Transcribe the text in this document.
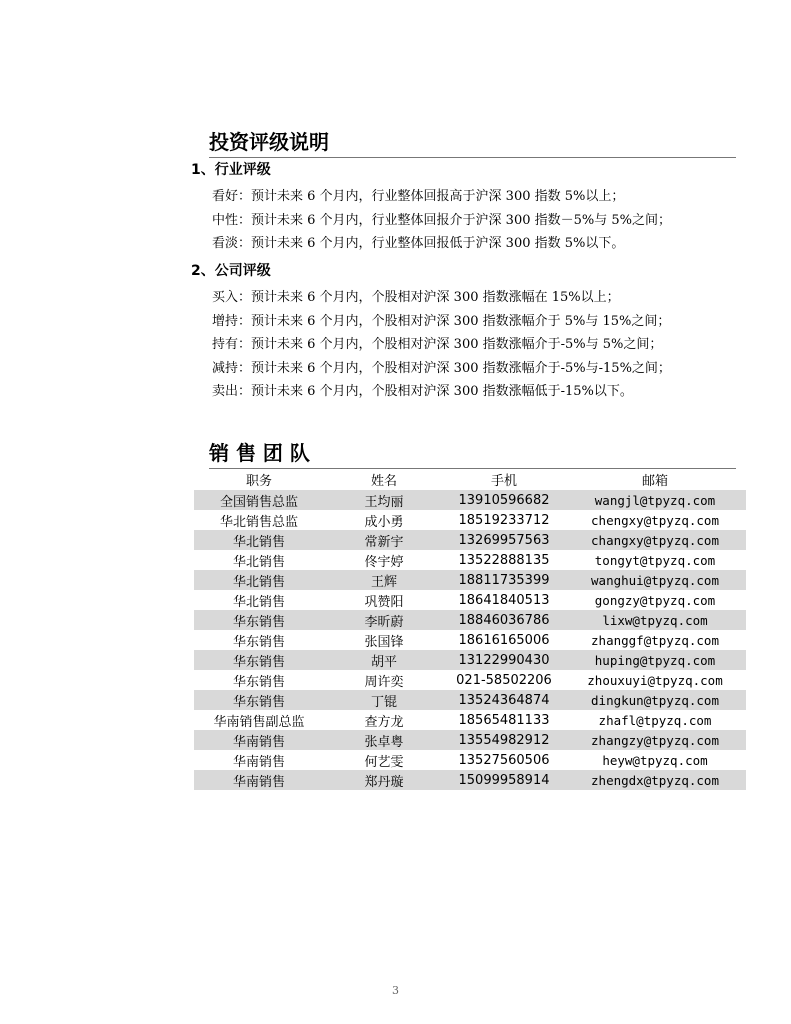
投资评级说明
1、行业评级
看好：预计未来 6 个月内，行业整体回报高于沪深 300 指数 5%以上；
中性：预计未来 6 个月内，行业整体回报介于沪深 300 指数－5%与 5%之间；
看淡：预计未来 6 个月内，行业整体回报低于沪深 300 指数 5%以下。
2、公司评级
买入：预计未来 6 个月内，个股相对沪深 300 指数涨幅在 15%以上；
增持：预计未来 6 个月内，个股相对沪深 300 指数涨幅介于 5%与 15%之间；
持有：预计未来 6 个月内，个股相对沪深 300 指数涨幅介于-5%与 5%之间；
减持：预计未来 6 个月内，个股相对沪深 300 指数涨幅介于-5%与-15%之间；
卖出：预计未来 6 个月内，个股相对沪深 300 指数涨幅低于-15%以下。
销 售 团 队
职务	姓名	手机	邮箱
全国销售总监	王均丽	13910596682	wangjl@tpyzq.com
华北销售总监	成小勇	18519233712	chengxy@tpyzq.com
华北销售	常新宇	13269957563	changxy@tpyzq.com
华北销售	佟宇婷	13522888135	tongyt@tpyzq.com
华北销售	王辉	18811735399	wanghui@tpyzq.com
华北销售	巩赞阳	18641840513	gongzy@tpyzq.com
华东销售	李昕蔚	18846036786	lixw@tpyzq.com
华东销售	张国锋	18616165006	zhanggf@tpyzq.com
华东销售	胡平	13122990430	huping@tpyzq.com
华东销售	周许奕	021-58502206	zhouxuyi@tpyzq.com
华东销售	丁锟	13524364874	dingkun@tpyzq.com
华南销售副总监	查方龙	18565481133	zhafl@tpyzq.com
华南销售	张卓粤	13554982912	zhangzy@tpyzq.com
华南销售	何艺雯	13527560506	heyw@tpyzq.com
华南销售	郑丹璇	15099958914	zhengdx@tpyzq.com
3
